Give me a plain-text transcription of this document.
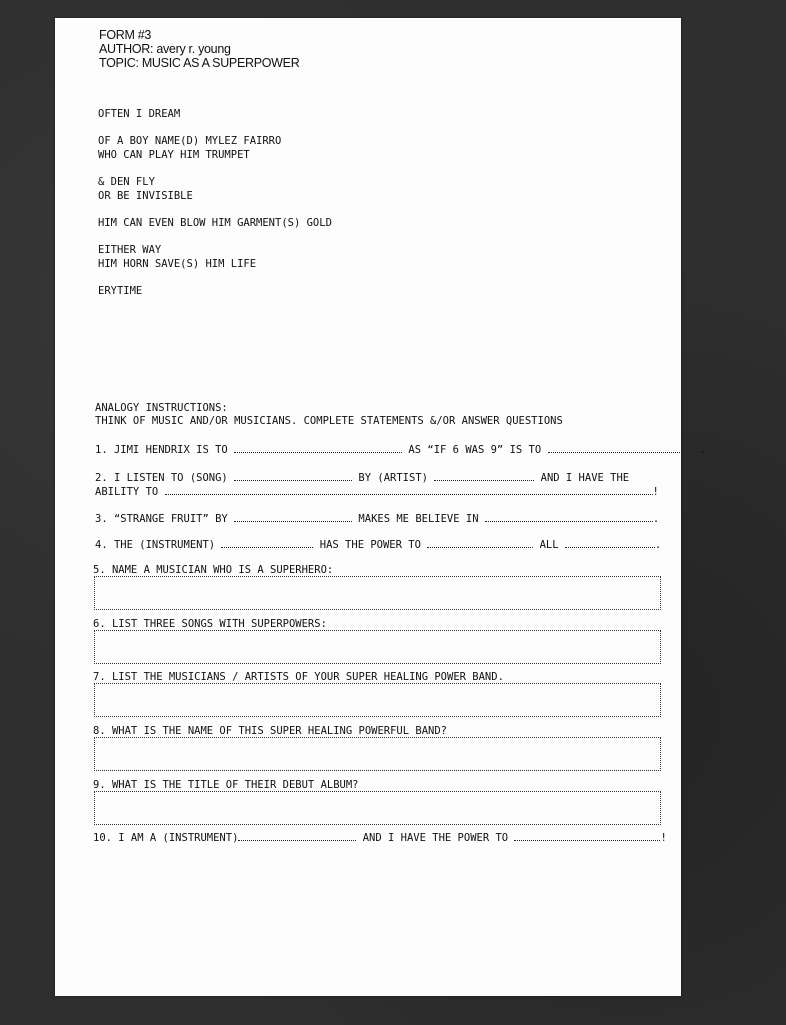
FORM #3
AUTHOR: avery r. young
TOPIC: MUSIC AS A SUPERPOWER
OFTEN I DREAM
OF A BOY NAME(D) MYLEZ FAIRRO
WHO CAN PLAY HIM TRUMPET
& DEN FLY
OR BE INVISIBLE
HIM CAN EVEN BLOW HIM GARMENT(S) GOLD
EITHER WAY
HIM HORN SAVE(S) HIM LIFE
ERYTIME
ANALOGY INSTRUCTIONS:
THINK OF MUSIC AND/OR MUSICIANS. COMPLETE STATEMENTS &/OR ANSWER QUESTIONS
1. JIMI HENDRIX IS TO	AS “IF 6 WAS 9” IS TO	.
2. I LISTEN TO (SONG)	BY (ARTIST)	AND I HAVE THE
ABILITY TO	!
3. “STRANGE FRUIT” BY	MAKES ME BELIEVE IN	.
4. THE (INSTRUMENT)	HAS THE POWER TO	ALL	.
5. NAME A MUSICIAN WHO IS A SUPERHERO:
6. LIST THREE SONGS WITH SUPERPOWERS:
7. LIST THE MUSICIANS / ARTISTS OF YOUR SUPER HEALING POWER BAND.
8. WHAT IS THE NAME OF THIS SUPER HEALING POWERFUL BAND?
9. WHAT IS THE TITLE OF THEIR DEBUT ALBUM?
10. I AM A (INSTRUMENT)	AND I HAVE THE POWER TO	!
